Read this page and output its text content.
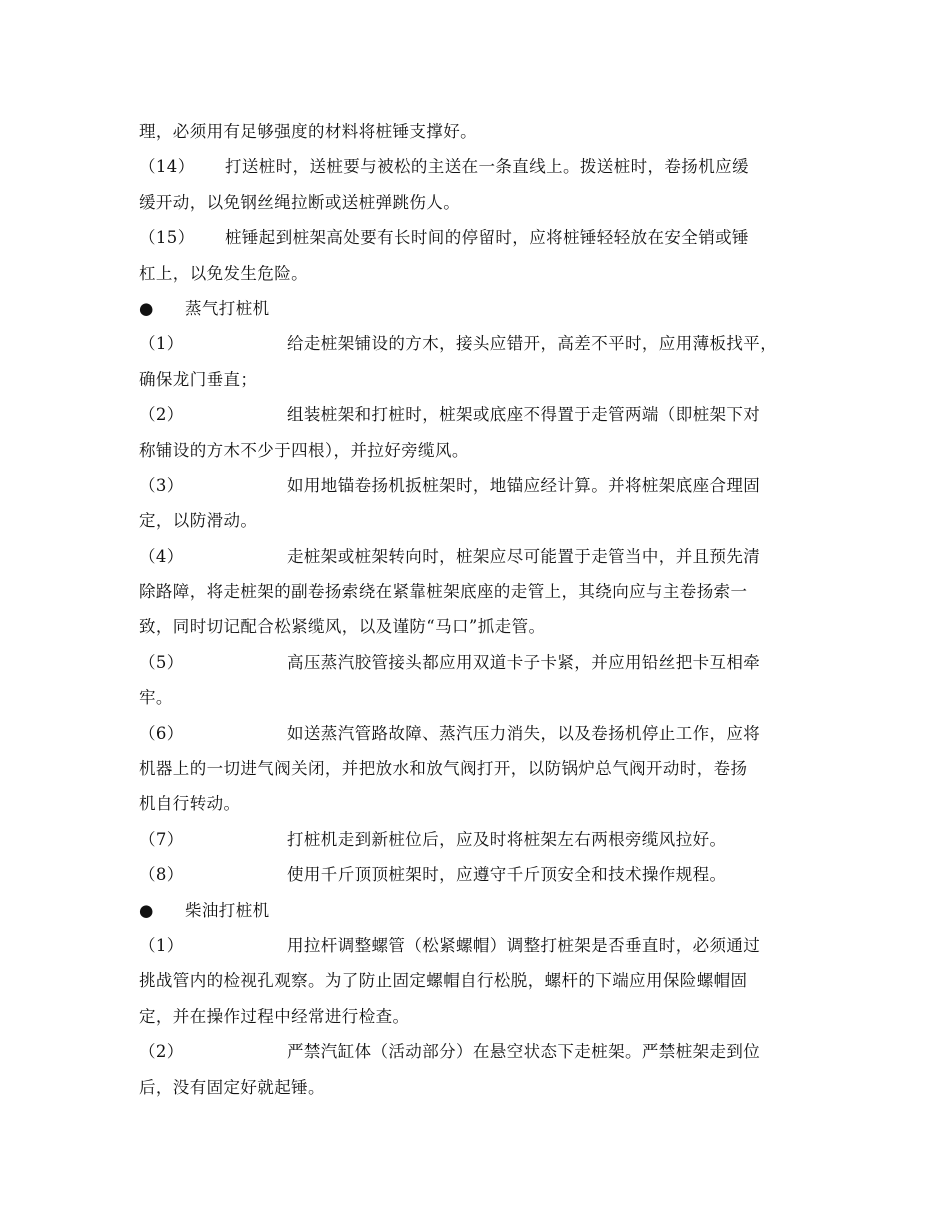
理，必须用有足够强度的材料将桩锤支撑好。
（14） 打送桩时，送桩要与被松的主送在一条直线上。拨送桩时，卷扬机应缓
缓开动，以免钢丝绳拉断或送桩弹跳伤人。
（15） 桩锤起到桩架高处要有长时间的停留时，应将桩锤轻轻放在安全销或锤
杠上，以免发生危险。
● 蒸气打桩机
（1）	给走桩架铺设的方木，接头应错开，高差不平时，应用薄板找平，
确保龙门垂直；
（2）	组装桩架和打桩时，桩架或底座不得置于走管两端（即桩架下对
称铺设的方木不少于四根），并拉好旁缆风。
（3）	如用地锚卷扬机扳桩架时，地锚应经计算。并将桩架底座合理固
定，以防滑动。
（4）	走桩架或桩架转向时，桩架应尽可能置于走管当中，并且预先清
除路障，将走桩架的副卷扬索绕在紧靠桩架底座的走管上，其绕向应与主卷扬索一
致，同时切记配合松紧缆风，以及谨防“马口”抓走管。
（5）	高压蒸汽胶管接头都应用双道卡子卡紧，并应用铅丝把卡互相牵
牢。
（6）	如送蒸汽管路故障、蒸汽压力消失，以及卷扬机停止工作，应将
机器上的一切进气阀关闭，并把放水和放气阀打开，以防锅炉总气阀开动时，卷扬
机自行转动。
（7）	打桩机走到新桩位后，应及时将桩架左右两根旁缆风拉好。
（8）	使用千斤顶顶桩架时，应遵守千斤顶安全和技术操作规程。
● 柴油打桩机
（1）	用拉杆调整螺管（松紧螺帽）调整打桩架是否垂直时，必须通过
挑战管内的检视孔观察。为了防止固定螺帽自行松脱，螺杆的下端应用保险螺帽固
定，并在操作过程中经常进行检查。
（2）	严禁汽缸体（活动部分）在悬空状态下走桩架。严禁桩架走到位
后，没有固定好就起锤。
